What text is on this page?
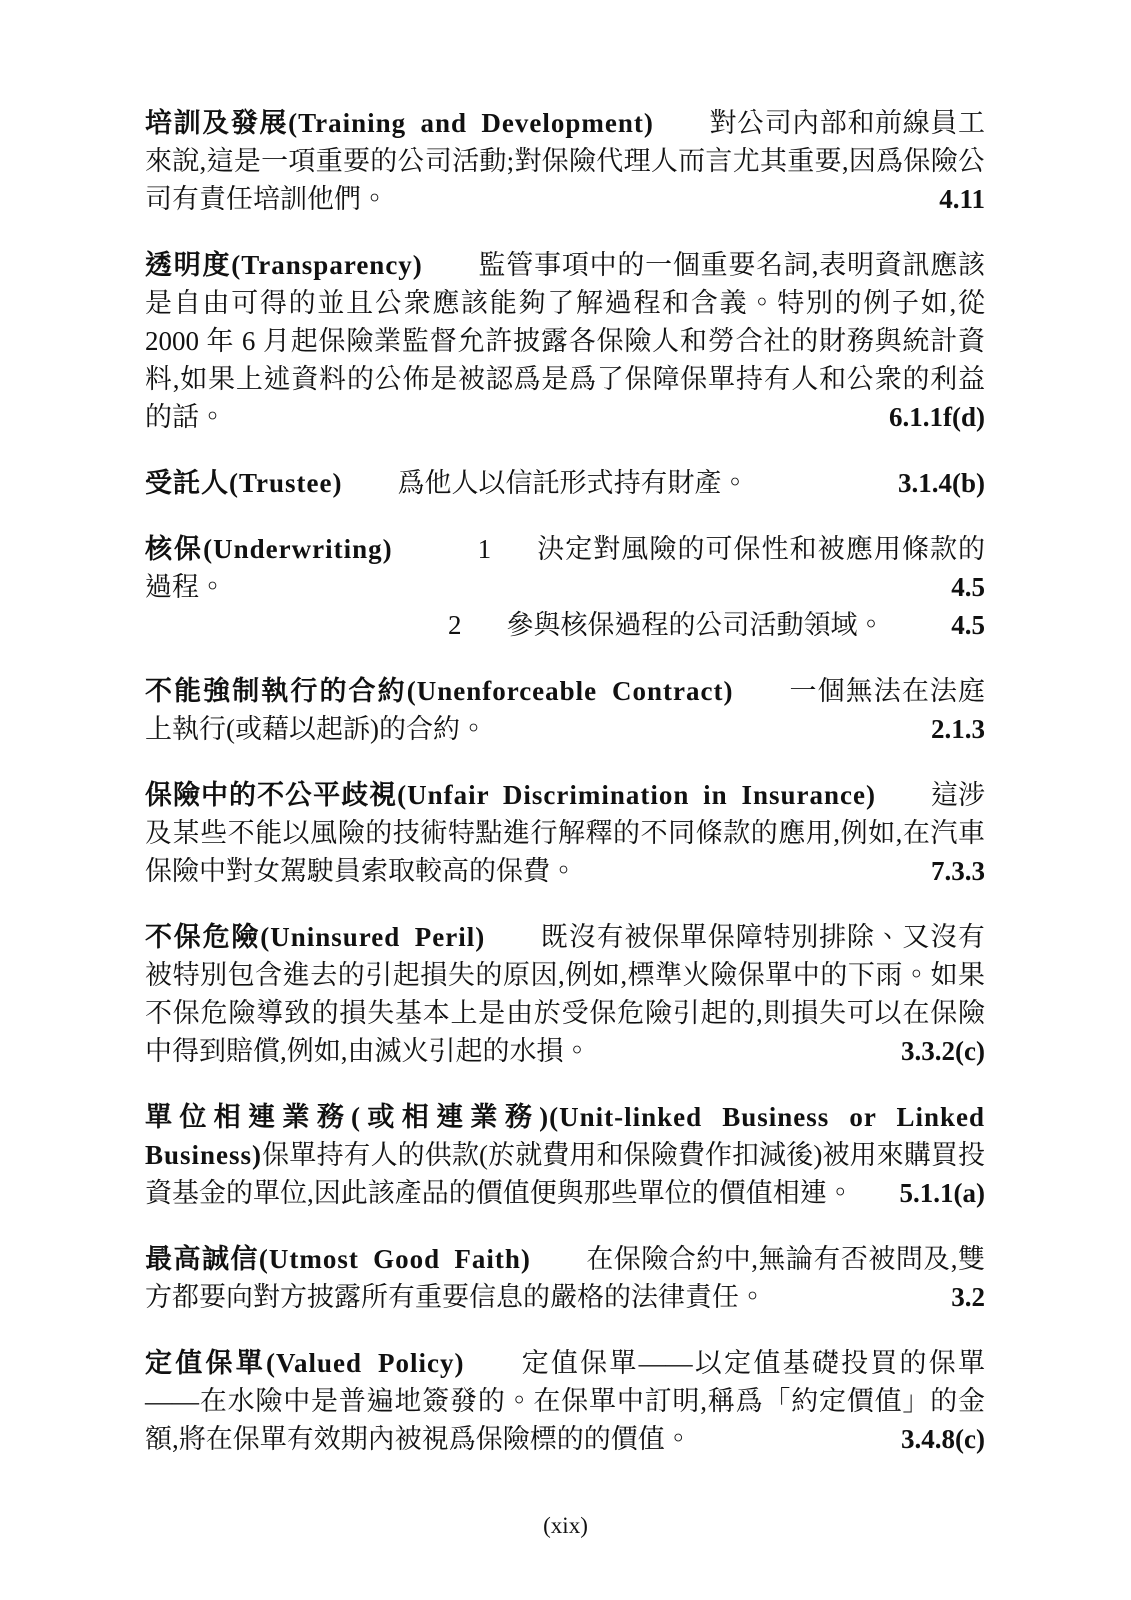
培訓及發展(Training and Development) 對公司內部和前線員工來說,這是一項重要的公司活動;對保險代理人而言尤其重要,因爲保險公司有責任培訓他們。	4.11
透明度(Transparency) 監管事項中的一個重要名詞,表明資訊應該是自由可得的並且公衆應該能夠了解過程和含義。特別的例子如,從 2000 年 6 月起保險業監督允許披露各保險人和勞合社的財務與統計資料,如果上述資料的公佈是被認爲是爲了保障保單持有人和公衆的利益的話。	6.1.1f(d)
受託人(Trustee) 爲他人以信託形式持有財產。	3.1.4(b)
核保(Underwriting)	1 決定對風險的可保性和被應用條款的過程。	4.5
2 參與核保過程的公司活動領域。 4.5
不能強制執行的合約(Unenforceable Contract) 一個無法在法庭上執行(或藉以起訴)的合約。	2.1.3
保險中的不公平歧視(Unfair Discrimination in Insurance) 這涉及某些不能以風險的技術特點進行解釋的不同條款的應用,例如,在汽車保險中對女駕駛員索取較高的保費。	7.3.3
不保危險(Uninsured Peril) 既沒有被保單保障特別排除、又沒有被特別包含進去的引起損失的原因,例如,標準火險保單中的下雨。如果不保危險導致的損失基本上是由於受保危險引起的,則損失可以在保險中得到賠償,例如,由滅火引起的水損。	3.3.2(c)
單位相連業務(或相連業務)(Unit-linked Business or Linked Business)保單持有人的供款(於就費用和保險費作扣減後)被用來購買投資基金的單位,因此該產品的價值便與那些單位的價值相連。 5.1.1(a)
最高誠信(Utmost Good Faith) 在保險合約中,無論有否被問及,雙方都要向對方披露所有重要信息的嚴格的法律責任。	3.2
定值保單(Valued Policy) 定值保單——以定值基礎投買的保單——在水險中是普遍地簽發的。在保單中訂明,稱爲「約定價值」的金額,將在保單有效期內被視爲保險標的的價值。	3.4.8(c)
(xix)
